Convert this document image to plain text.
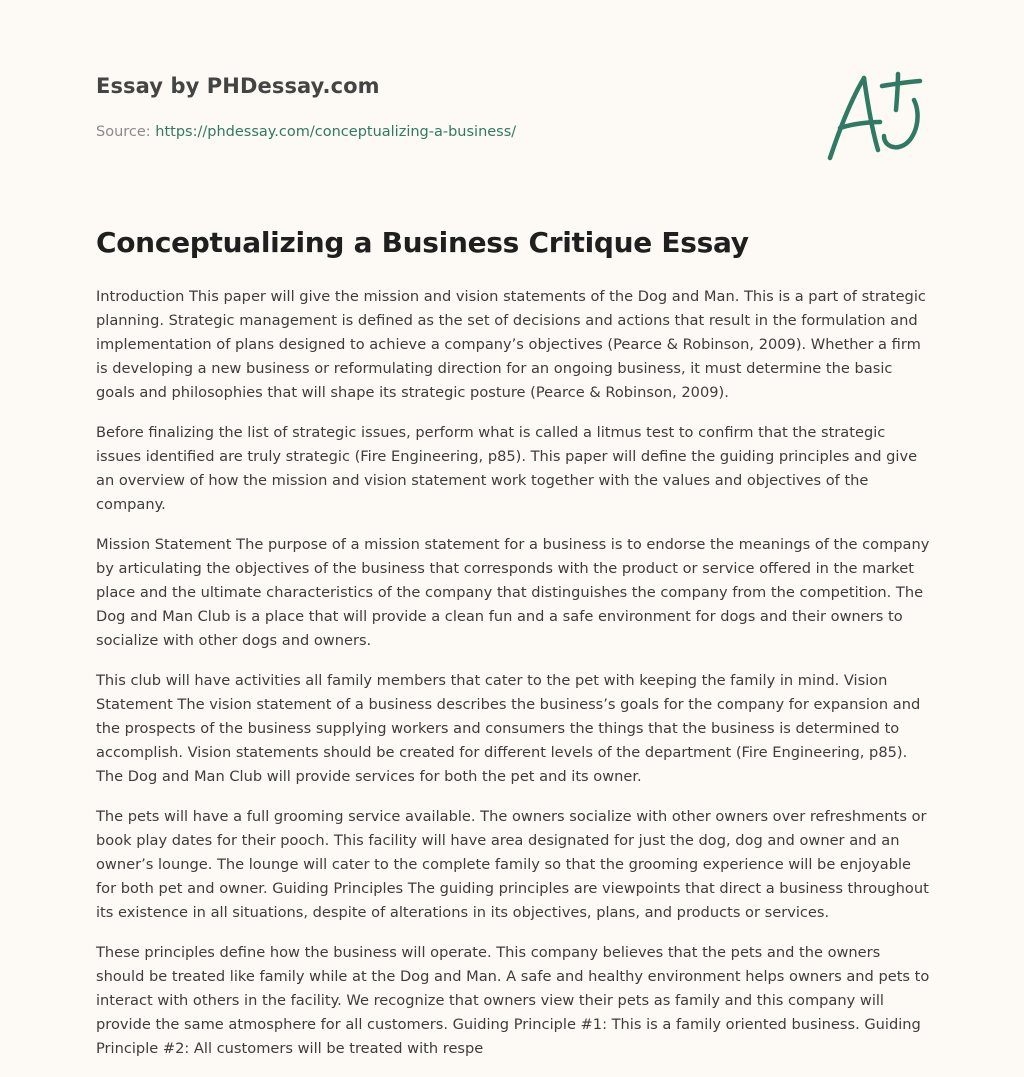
Essay by PHDessay.com
Source: https://phdessay.com/conceptualizing-a-business/
Conceptualizing a Business Critique Essay

Introduction This paper will give the mission and vision statements of the Dog and Man. This is a part of strategic planning. Strategic management is defined as the set of decisions and actions that result in the formulation and implementation of plans designed to achieve a company’s objectives (Pearce & Robinson, 2009). Whether a firm is developing a new business or reformulating direction for an ongoing business, it must determine the basic goals and philosophies that will shape its strategic posture (Pearce & Robinson, 2009).

Before finalizing the list of strategic issues, perform what is called a litmus test to confirm that the strategic issues identified are truly strategic (Fire Engineering, p85). This paper will define the guiding principles and give an overview of how the mission and vision statement work together with the values and objectives of the company.

Mission Statement The purpose of a mission statement for a business is to endorse the meanings of the company by articulating the objectives of the business that corresponds with the product or service offered in the market place and the ultimate characteristics of the company that distinguishes the company from the competition. The Dog and Man Club is a place that will provide a clean fun and a safe environment for dogs and their owners to socialize with other dogs and owners.

This club will have activities all family members that cater to the pet with keeping the family in mind. Vision Statement The vision statement of a business describes the business’s goals for the company for expansion and the prospects of the business supplying workers and consumers the things that the business is determined to accomplish. Vision statements should be created for different levels of the department (Fire Engineering, p85). The Dog and Man Club will provide services for both the pet and its owner.

The pets will have a full grooming service available. The owners socialize with other owners over refreshments or book play dates for their pooch. This facility will have area designated for just the dog, dog and owner and an owner’s lounge. The lounge will cater to the complete family so that the grooming experience will be enjoyable for both pet and owner. Guiding Principles The guiding principles are viewpoints that direct a business throughout its existence in all situations, despite of alterations in its objectives, plans, and products or services.

These principles define how the business will operate. This company believes that the pets and the owners should be treated like family while at the Dog and Man. A safe and healthy environment helps owners and pets to interact with others in the facility. We recognize that owners view their pets as family and this company will provide the same atmosphere for all customers. Guiding Principle #1: This is a family oriented business. Guiding Principle #2: All customers will be treated with respe
